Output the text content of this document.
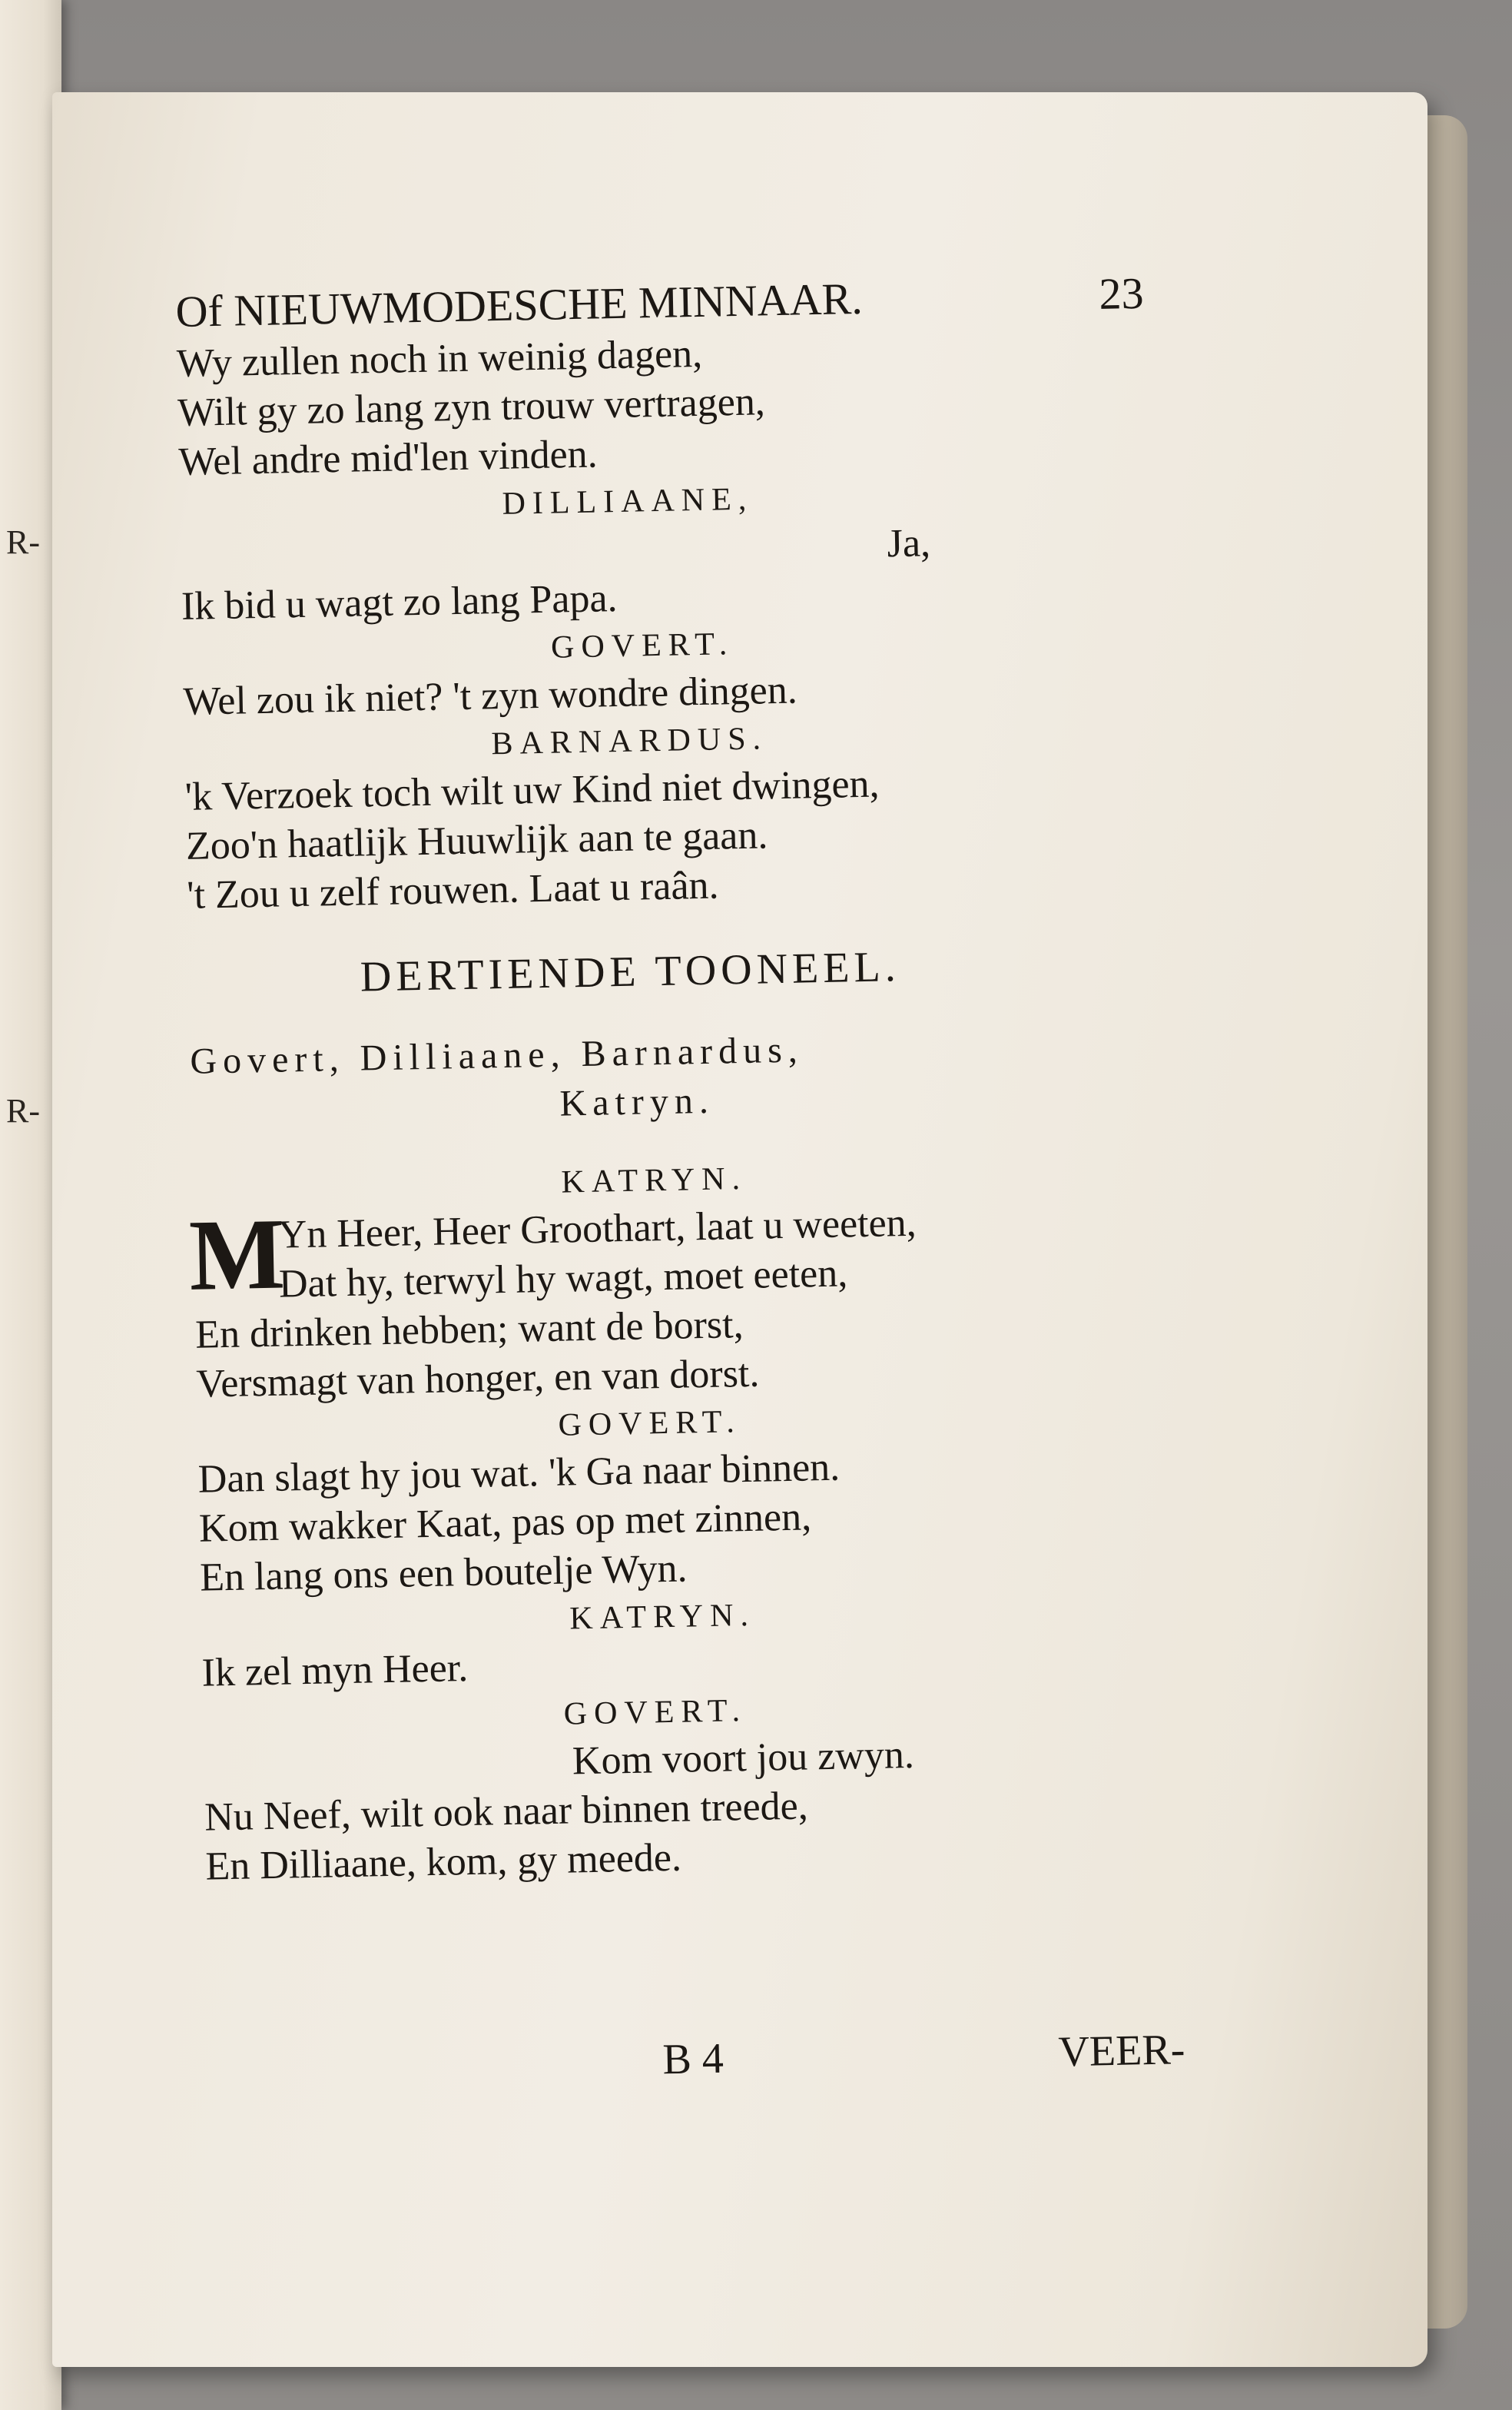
R-
R-
Of NIEUWMODESCHE MINNAAR.	23
Wy zullen noch in weinig dagen,
Wilt gy zo lang zyn trouw vertragen,
Wel andre mid'len vinden.
DILLIAANE,
Ja,
Ik bid u wagt zo lang Papa.
GOVERT.
Wel zou ik niet? 't zyn wondre dingen.
BARNARDUS.
'k Verzoek toch wilt uw Kind niet dwingen,
Zoo'n haatlijk Huuwlijk aan te gaan.
't Zou u zelf rouwen. Laat u raân.
DERTIENDE TOONEEL.
Govert, Dilliaane, Barnardus,
Katryn.
KATRYN.
M
Yn Heer, Heer Groothart, laat u weeten,
Dat hy, terwyl hy wagt, moet eeten,
En drinken hebben; want de borst,
Versmagt van honger, en van dorst.
GOVERT.
Dan slagt hy jou wat. 'k Ga naar binnen.
Kom wakker Kaat, pas op met zinnen,
En lang ons een boutelje Wyn.
KATRYN.
Ik zel myn Heer.
GOVERT.
Kom voort jou zwyn.
Nu Neef, wilt ook naar binnen treede,
En Dilliaane, kom, gy meede.
B 4	VEER-
